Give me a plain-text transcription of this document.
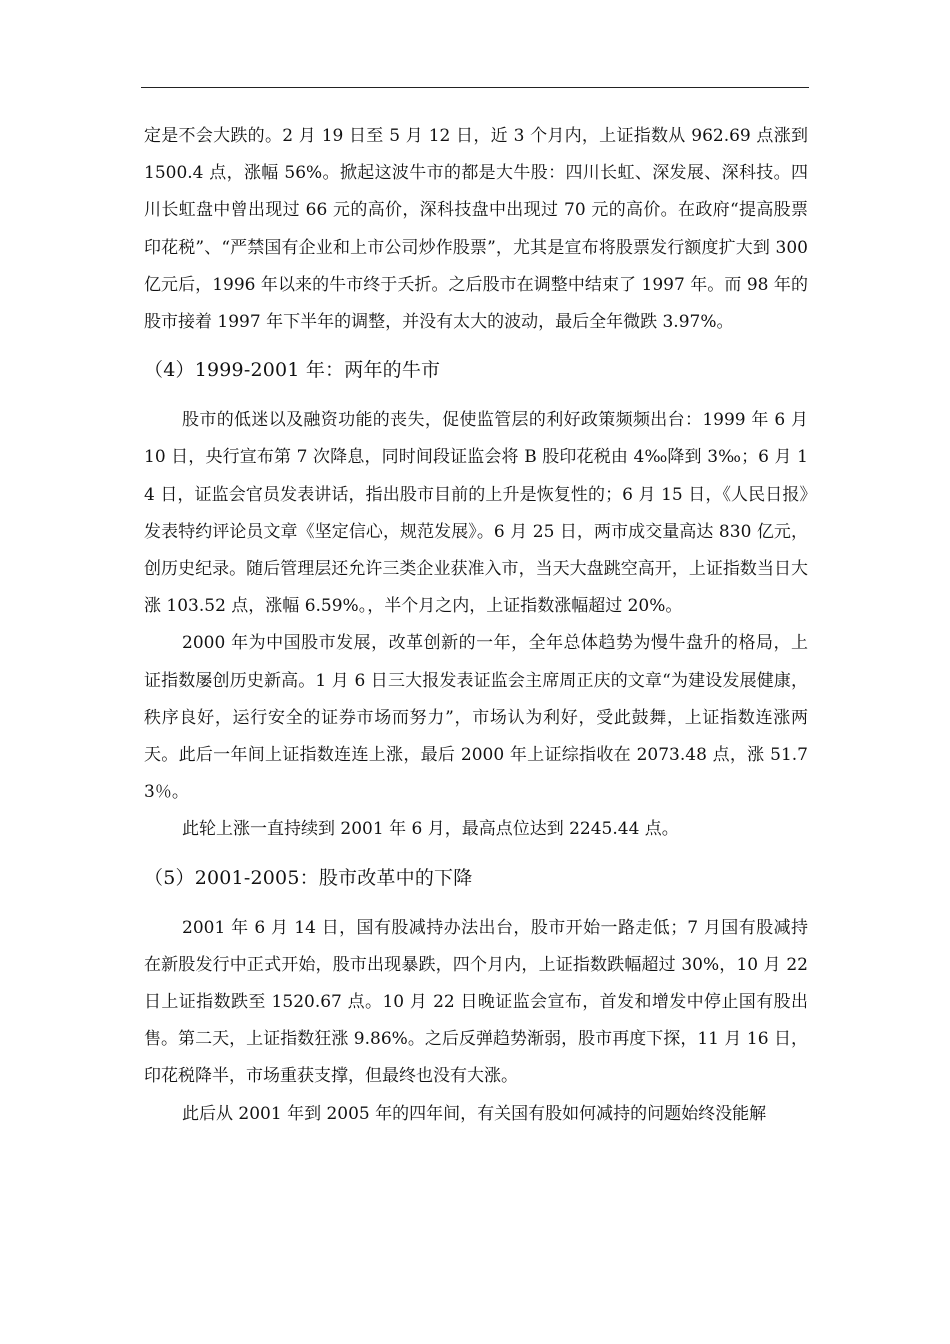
定是不会大跌的。2 月 19 日至 5 月 12 日，近 3 个月内，上证指数从 962.69 点涨到 1500.4 点，涨幅 56%。掀起这波牛市的都是大牛股：四川长虹、深发展、深科技。四川长虹盘中曾出现过 66 元的高价，深科技盘中出现过 70 元的高价。在政府“提高股票印花税”、“严禁国有企业和上市公司炒作股票”，尤其是宣布将股票发行额度扩大到 300 亿元后，1996 年以来的牛市终于夭折。之后股市在调整中结束了 1997 年。而 98 年的股市接着 1997 年下半年的调整，并没有太大的波动，最后全年微跌 3.97%。

（4）1999-2001 年：两年的牛市

股市的低迷以及融资功能的丧失，促使监管层的利好政策频频出台：1999 年 6 月 10 日，央行宣布第 7 次降息，同时间段证监会将 B 股印花税由 4‰降到 3‰；6 月 14 日，证监会官员发表讲话，指出股市目前的上升是恢复性的；6 月 15 日，《人民日报》发表特约评论员文章《坚定信心，规范发展》。6 月 25 日，两市成交量高达 830 亿元，创历史纪录。随后管理层还允许三类企业获准入市，当天大盘跳空高开，上证指数当日大涨 103.52 点，涨幅 6.59%。，半个月之内，上证指数涨幅超过 20%。

2000 年为中国股市发展，改革创新的一年，全年总体趋势为慢牛盘升的格局，上证指数屡创历史新高。1 月 6 日三大报发表证监会主席周正庆的文章“为建设发展健康，秩序良好，运行安全的证券市场而努力”，市场认为利好，受此鼓舞，上证指数连涨两天。此后一年间上证指数连连上涨，最后 2000 年上证综指收在 2073.48 点，涨 51.73％。

此轮上涨一直持续到 2001 年 6 月，最高点位达到 2245.44 点。

（5）2001-2005：股市改革中的下降

2001 年 6 月 14 日，国有股减持办法出台，股市开始一路走低；7 月国有股减持在新股发行中正式开始，股市出现暴跌，四个月内，上证指数跌幅超过 30%，10 月 22 日上证指数跌至 1520.67 点。10 月 22 日晚证监会宣布，首发和增发中停止国有股出售。第二天，上证指数狂涨 9.86%。之后反弹趋势渐弱，股市再度下探，11 月 16 日，印花税降半，市场重获支撑，但最终也没有大涨。

此后从 2001 年到 2005 年的四年间，有关国有股如何减持的问题始终没能解
